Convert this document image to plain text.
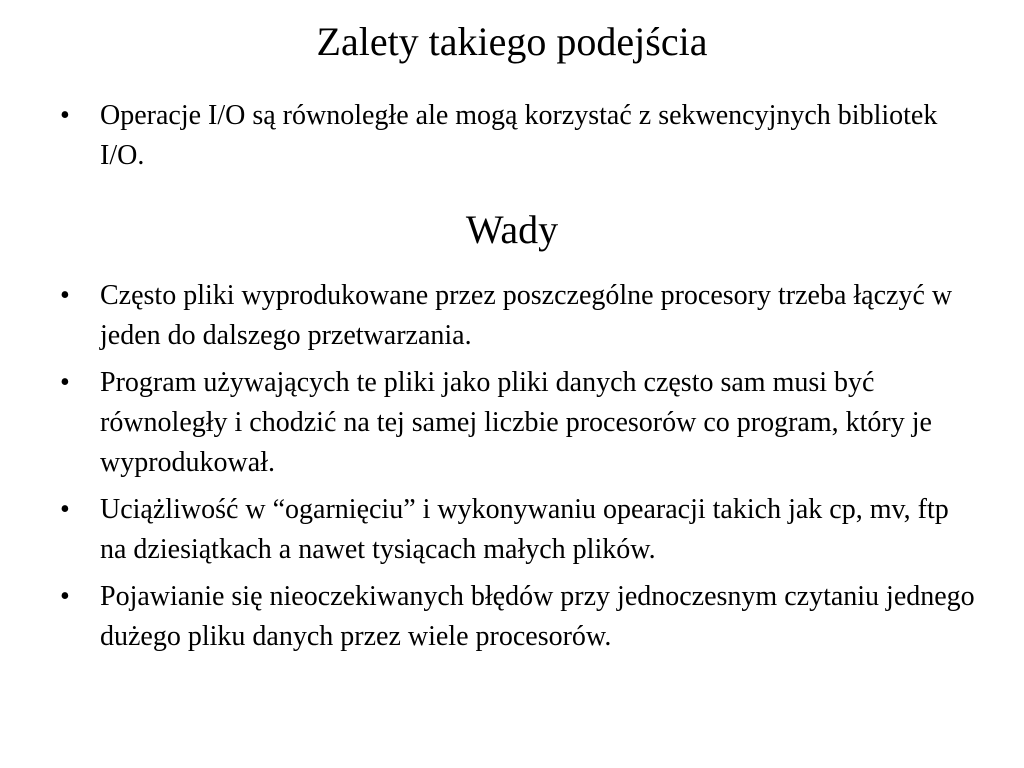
Zalety takiego podejścia
•	Operacje I/O są równoległe ale mogą korzystać z sekwencyjnych bibliotek I/O.
Wady
•	Często pliki wyprodukowane przez poszczególne procesory trzeba łączyć w jeden do dalszego przetwarzania.
•	Program używających te pliki jako pliki danych często sam musi być równoległy i chodzić na tej samej liczbie procesorów co program, który je wyprodukował.
•	Uciążliwość w “ogarnięciu” i wykonywaniu opearacji takich jak cp, mv, ftp na dziesiątkach a nawet tysiącach małych plików.
•	Pojawianie się nieoczekiwanych błędów przy jednoczesnym czytaniu jednego dużego pliku danych przez wiele procesorów.
